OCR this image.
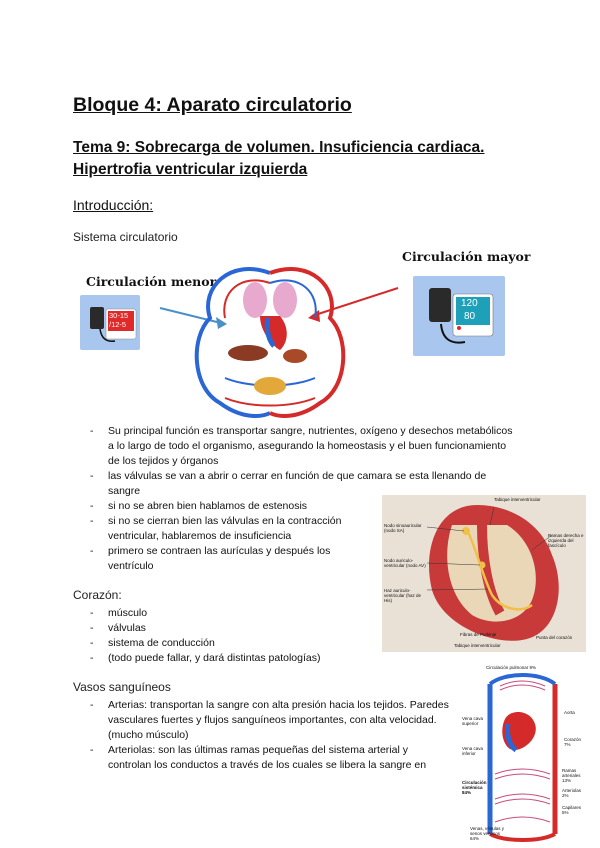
Bloque 4: Aparato circulatorio
Tema 9: Sobrecarga de volumen. Insuficiencia cardiaca. Hipertrofia ventricular izquierda
Introducción:
Sistema circulatorio
Circulación menor
Circulación mayor
30-15
/12-5
120
80
- Su principal función es transportar sangre, nutrientes, oxígeno y desechos metabólicos a lo largo de todo el organismo, asegurando la homeostasis y el buen funcionamiento de los tejidos y órganos
- las válvulas se van a abrir o cerrar en función de que camara se esta llenando de sangre
- si no se abren bien hablamos de estenosis
- si no se cierran bien las válvulas en la contracción ventricular, hablaremos de insuficiencia
- primero se contraen las aurículas y después los ventrículo
Tabique interventricular
Nodo sinoauricular (nodo SA)
Nodo auriculo-ventricular (nodo AV)
Haz auriculo-ventricular (haz de His)
Ramas derecha e izquierda del fascículo
Fibras de Purkinje
Punta del corazón
Tabique interventricular
Corazón:
- músculo
- válvulas
- sistema de conducción
- (todo puede fallar, y dará distintas patologías)
Vasos sanguíneos
- Arterias: transportan la sangre con alta presión hacia los tejidos. Paredes vasculares fuertes y flujos sanguíneos importantes, con alta velocidad. (mucho músculo)
- Arteriolas: son las últimas ramas pequeñas del sistema arterial y controlan los conductos a través de los cuales se libera la sangre en
Circulación pulmonar 9%
Aorta
Vena cava superior
Vena cava inferior
Corazón 7%
Ramas arteriales 13%
Circulación sistémica 84%	Arteriolas 2%
Capilares 5%
Venas, vénulas y senos venosos 64%
